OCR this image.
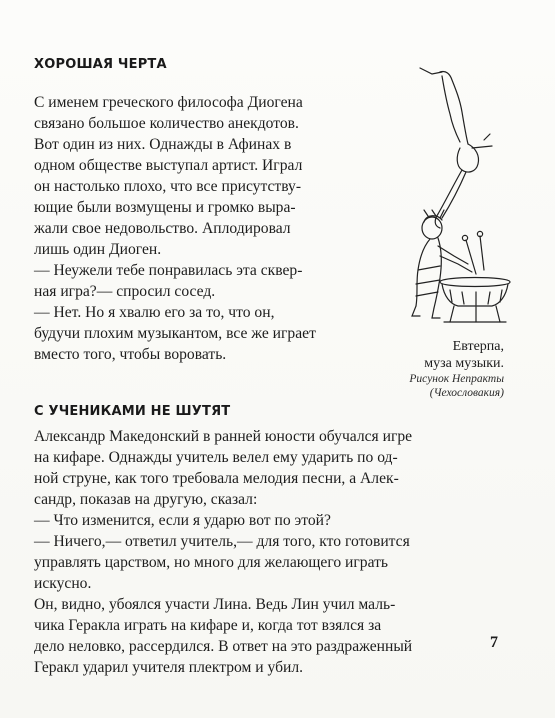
ХОРОШАЯ ЧЕРТА
С именем греческого философа Диогена
связано большое количество анекдотов.
Вот один из них. Однажды в Афинах в
одном обществе выступал артист. Играл
он настолько плохо, что все присутству-
ющие были возмущены и громко выра-
жали свое недовольство. Аплодировал
лишь один Диоген.
— Неужели тебе понравилась эта сквер-
ная игра?— спросил сосед.
— Нет. Но я хвалю его за то, что он,
будучи плохим музыкантом, все же играет
вместо того, чтобы воровать.	Евтерпа,
муза музыки.
Рисунок Непракты
(Чехословакия)
С УЧЕНИКАМИ НЕ ШУТЯТ
Александр Македонский в ранней юности обучался игре
на кифаре. Однажды учитель велел ему ударить по од-
ной струне, как того требовала мелодия песни, а Алек-
сандр, показав на другую, сказал:
— Что изменится, если я ударю вот по этой?
— Ничего,— ответил учитель,— для того, кто готовится
управлять царством, но много для желающего играть
искусно.
Он, видно, убоялся участи Лина. Ведь Лин учил маль-
чика Геракла играть на кифаре и, когда тот взялся за
дело неловко, рассердился. В ответ на это раздраженный
Геракл ударил учителя плектром и убил.
7
